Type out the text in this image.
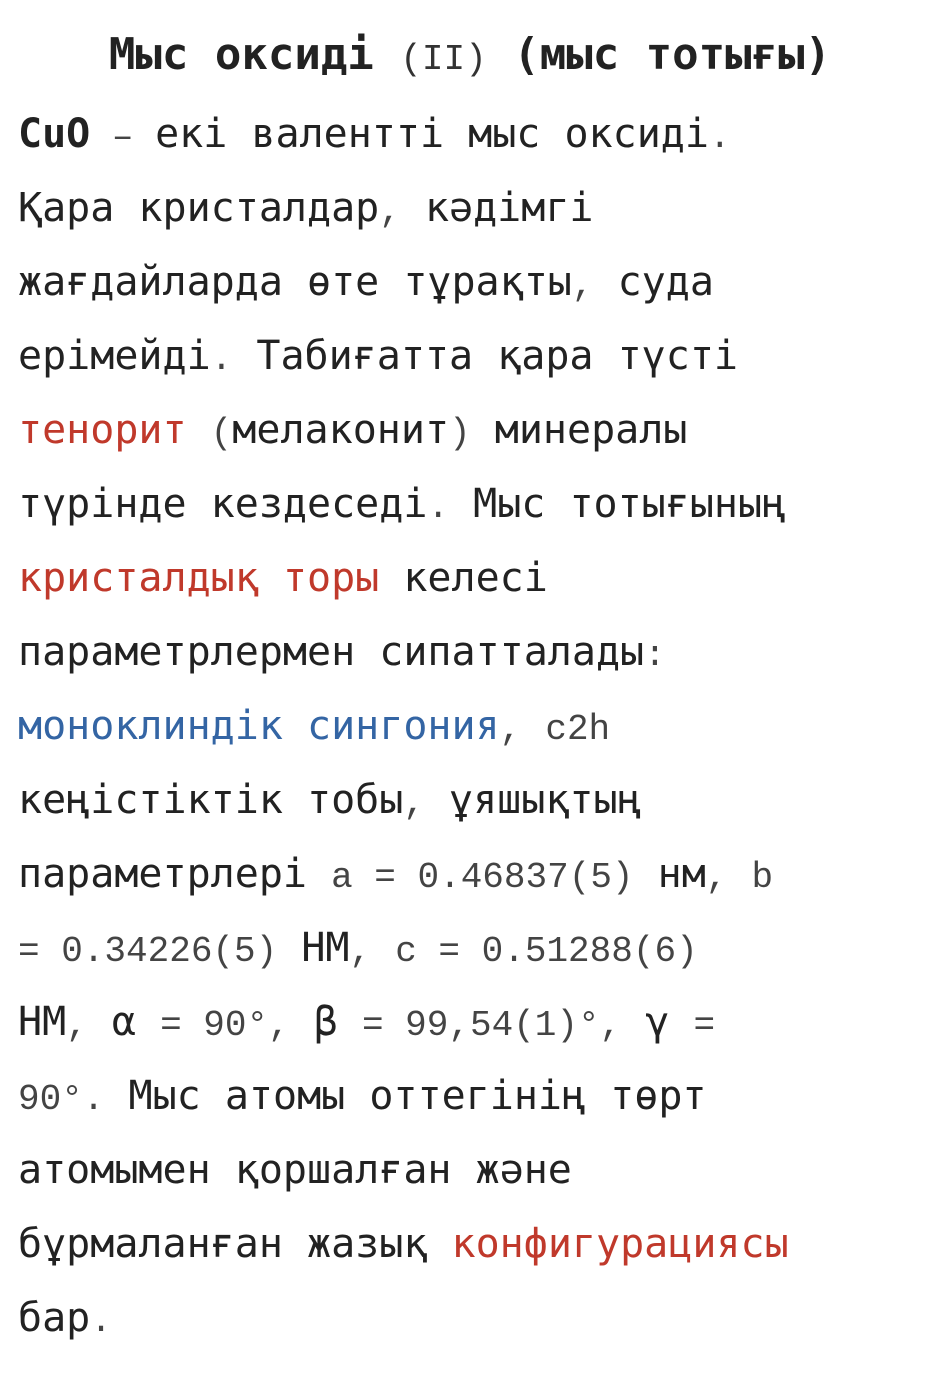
Мыс оксиді (II) (мыс тотығы)
CuO – екі валентті мыс оксиді.
Қара кристалдар, кәдімгі
жағдайларда өте тұрақты, суда
ерімейді. Табиғатта қара түсті
тенорит (мелаконит) минералы
түрінде кездеседі. Мыс тотығының
кристалдық торы келесі
параметрлермен сипатталады:
моноклиндік сингония, c2h
кеңістіктік тобы, ұяшықтың
параметрлері a = 0.46837(5) нм, b
= 0.34226(5) НМ, c = 0.51288(6)
НМ, α = 90°, β = 99,54(1)°, γ =
90°. Мыс атомы оттегінің төрт
атомымен қоршалған және
бұрмаланған жазық конфигурациясы
бар.
